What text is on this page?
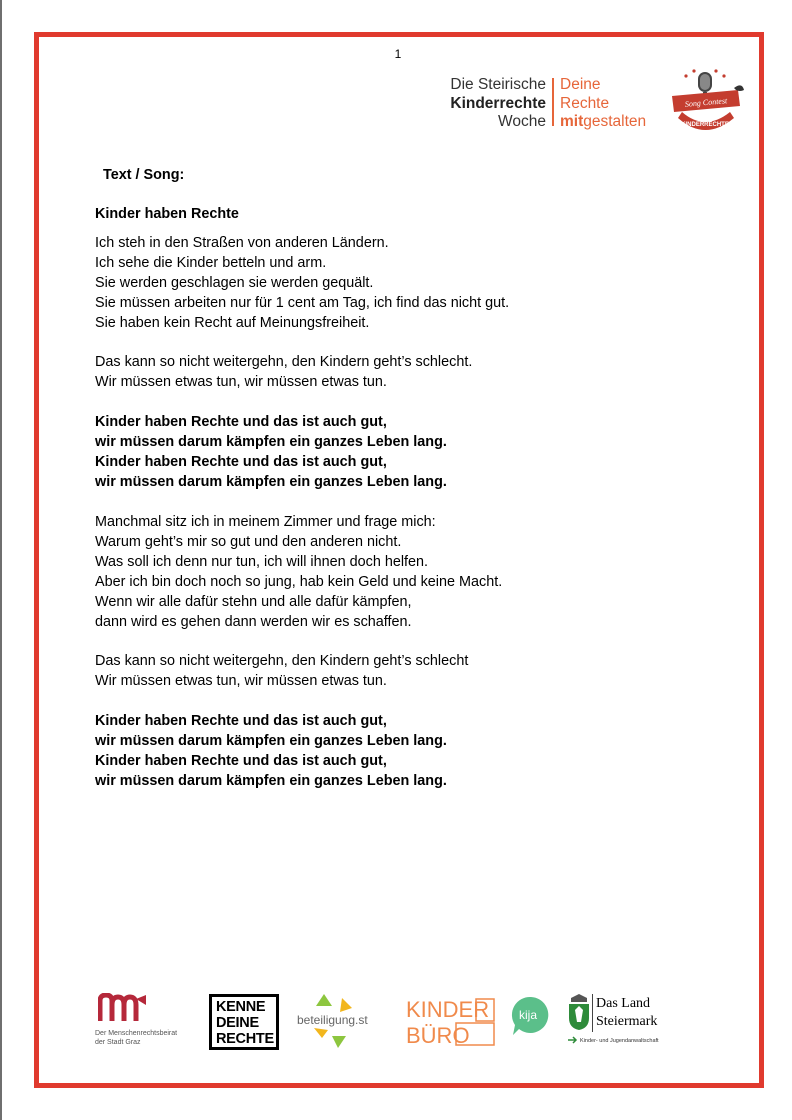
1
Die Steirische
Kinderrechte
Woche
Deine
Rechte
mitgestalten	KINDERRECHTE
Song Contest
Text / Song:
Kinder haben Rechte
Ich steh in den Straßen von anderen Ländern.
Ich sehe die Kinder betteln und arm.
Sie werden geschlagen sie werden gequält.
Sie müssen arbeiten nur für 1 cent am Tag, ich find das nicht gut.
Sie haben kein Recht auf Meinungsfreiheit.
Das kann so nicht weitergehn, den Kindern geht’s schlecht.
Wir müssen etwas tun, wir müssen etwas tun.
Kinder haben Rechte und das ist auch gut,
wir müssen darum kämpfen ein ganzes Leben lang.
Kinder haben Rechte und das ist auch gut,
wir müssen darum kämpfen ein ganzes Leben lang.
Manchmal sitz ich in meinem Zimmer und frage mich:
Warum geht’s mir so gut und den anderen nicht.
Was soll ich denn nur tun, ich will ihnen doch helfen.
Aber ich bin doch noch so jung, hab kein Geld und keine Macht.
Wenn wir alle dafür stehn und alle dafür kämpfen,
dann wird es gehen dann werden wir es schaffen.
Das kann so nicht weitergehn, den Kindern geht’s schlecht
Wir müssen etwas tun, wir müssen etwas tun.
Kinder haben Rechte und das ist auch gut,
wir müssen darum kämpfen ein ganzes Leben lang.
Kinder haben Rechte und das ist auch gut,
wir müssen darum kämpfen ein ganzes Leben lang.
Der Menschenrechtsbeirat
der Stadt Graz
KENNE
DEINE
RECHTE
beteiligung.st KINDER
BÜRO
kija
Das Land
Steiermark
Kinder- und Jugendanwaltschaft
